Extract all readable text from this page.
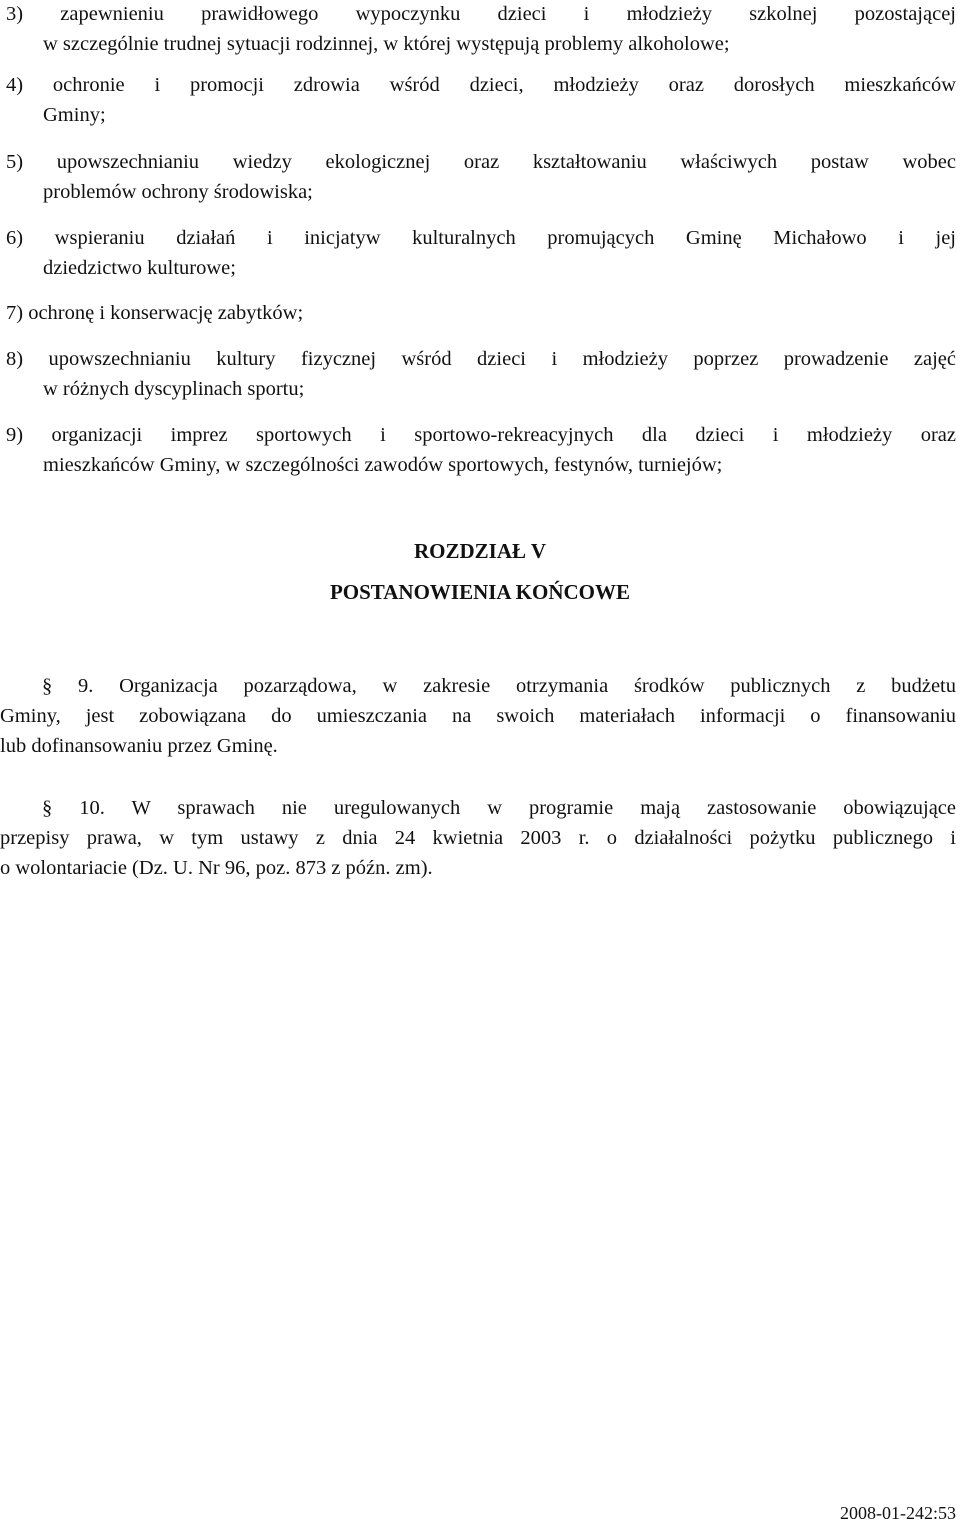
3) zapewnieniu prawidłowego wypoczynku dzieci i młodzieży szkolnej pozostającej
w szczególnie trudnej sytuacji rodzinnej, w której występują problemy alkoholowe;
4) ochronie i promocji zdrowia wśród dzieci, młodzieży oraz dorosłych mieszkańców
Gminy;
5) upowszechnianiu wiedzy ekologicznej oraz kształtowaniu właściwych postaw wobec
problemów ochrony środowiska;
6) wspieraniu działań i inicjatyw kulturalnych promujących Gminę Michałowo i jej
dziedzictwo kulturowe;
7) ochronę i konserwację zabytków;
8) upowszechnianiu kultury fizycznej wśród dzieci i młodzieży poprzez prowadzenie zajęć
w różnych dyscyplinach sportu;
9) organizacji imprez sportowych i sportowo-rekreacyjnych dla dzieci i młodzieży oraz
mieszkańców Gminy, w szczególności zawodów sportowych, festynów, turniejów;
ROZDZIAŁ V
POSTANOWIENIA KOŃCOWE
§ 9. Organizacja pozarządowa, w zakresie otrzymania środków publicznych z budżetu
Gminy, jest zobowiązana do umieszczania na swoich materiałach informacji o finansowaniu
lub dofinansowaniu przez Gminę.
§ 10. W sprawach nie uregulowanych w programie mają zastosowanie obowiązujące
przepisy prawa, w tym ustawy z dnia 24 kwietnia 2003 r. o działalności pożytku publicznego i
o wolontariacie (Dz. U. Nr 96, poz. 873 z późn. zm).
2008-01-242:53
